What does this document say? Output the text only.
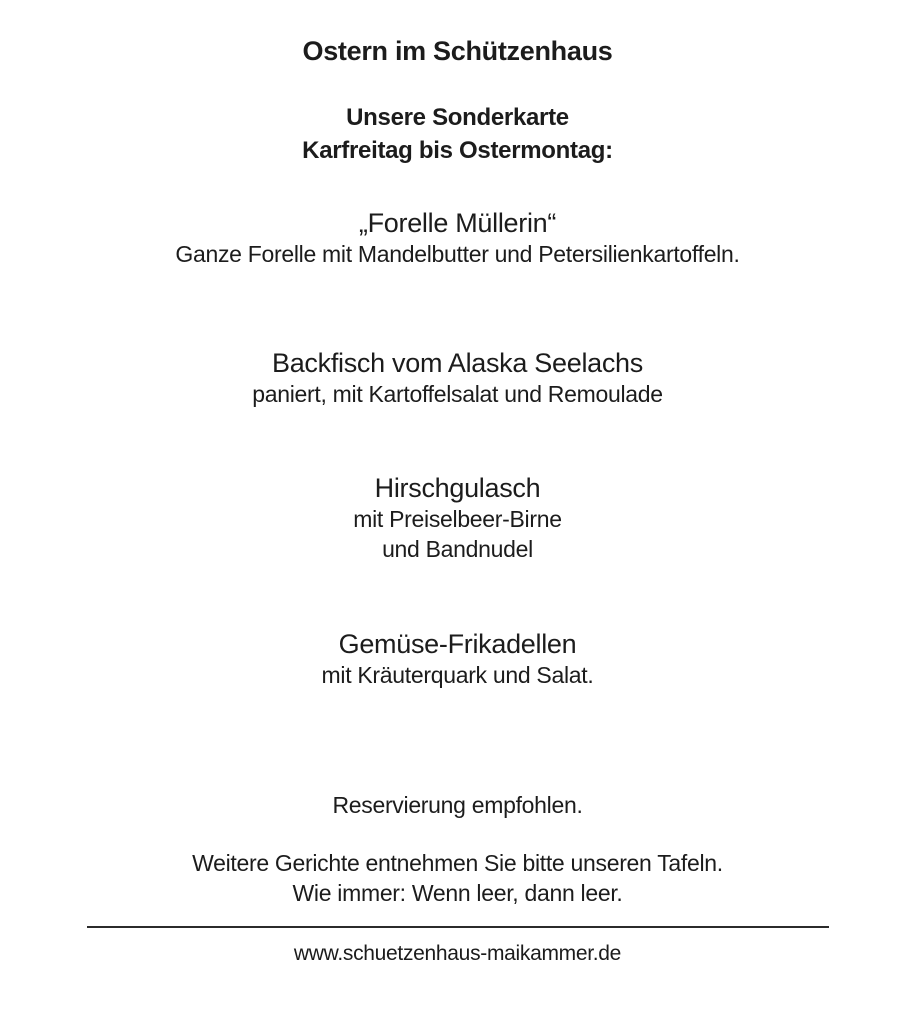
Ostern im Schützenhaus
Unsere Sonderkarte
Karfreitag bis Ostermontag:
„Forelle Müllerin“
Ganze Forelle mit Mandelbutter und Petersilienkartoffeln.
Backfisch vom Alaska Seelachs
paniert, mit Kartoffelsalat und Remoulade
Hirschgulasch
mit Preiselbeer-Birne
und Bandnudel
Gemüse-Frikadellen
mit Kräuterquark und Salat.
Reservierung empfohlen.
Weitere Gerichte entnehmen Sie bitte unseren Tafeln.
Wie immer: Wenn leer, dann leer.
www.schuetzenhaus-maikammer.de
